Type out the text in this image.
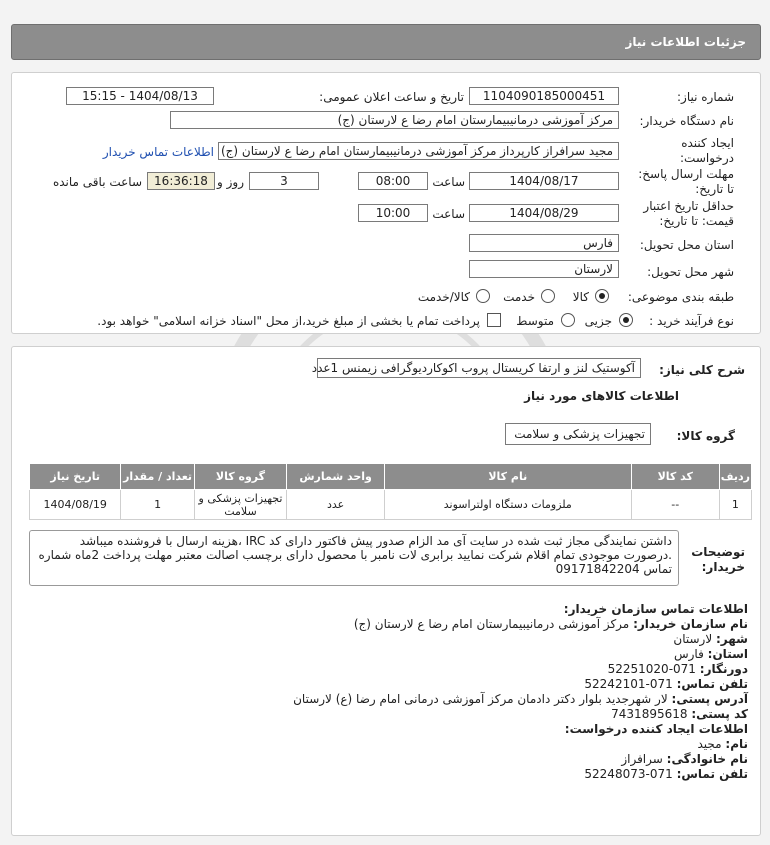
جزئیات اطلاعات نیاز
شماره نیاز:
1104090185000451
تاریخ و ساعت اعلان عمومی:
1404/08/13 - 15:15
نام دستگاه خریدار:
مرکز آموزشی درمانیبیمارستان امام رضا ع لارستان (ج)
ایجاد کننده
درخواست:
مجید سرافراز کارپرداز مرکز آموزشی درمانیبیمارستان امام رضا ع لارستان (ج)
اطلاعات تماس خریدار
مهلت ارسال پاسخ:
تا تاریخ:
1404/08/17
ساعت
08:00
3
روز و
16:36:18
ساعت باقی مانده
حداقل تاریخ اعتبار
قیمت: تا تاریخ:
1404/08/29
ساعت
10:00
استان محل تحویل:
فارس
شهر محل تحویل:
لارستان
طبقه بندی موضوعی:
کالا
خدمت
کالا/خدمت
نوع فرآیند خرید :
جزیی
متوسط
پرداخت تمام یا بخشی از مبلغ خرید،از محل "اسناد خزانه اسلامی" خواهد بود.
شرح کلی نیاز:
آکوستیک لنز و ارتفا کریستال پروب اکوکاردیوگرافی زیمنس 1عدد
اطلاعات کالاهای مورد نیاز
گروه کالا:
تجهیزات پزشکی و سلامت
تاریخ نیاز	تعداد / مقدار	گروه کالا	واحد شمارش	نام کالا	کد کالا	ردیف
1404/08/19	1	تجهیزات پزشکی و سلامت	عدد	ملزومات دستگاه اولتراسوند	--	1
توضیحات
خریدار:
داشتن نمایندگی مجاز ثبت شده در سایت آی مد الزام صدور پیش فاکتور دارای کد IRC ،هزینه ارسال با فروشنده میباشد .درصورت موجودی تمام اقلام شرکت نمایید برابری لات نامبر با محصول دارای برچسب اصالت معتبر مهلت پرداخت 2ماه شماره تماس 09171842204
اطلاعات تماس سازمان خریدار:
نام سازمان خریدار: مرکز آموزشی درمانیبیمارستان امام رضا ع لارستان (ج)
شهر: لارستان
استان: فارس
دورنگار: 071-52251020
تلفن تماس: 071-52242101
آدرس پستی: لار شهرجدید بلوار دکتر دادمان مرکز آموزشی درمانی امام رضا (ع) لارستان
کد پستی: 7431895618
اطلاعات ایجاد کننده درخواست:
نام: مجید
نام خانوادگی: سرافراز
تلفن تماس: 071-52248073
